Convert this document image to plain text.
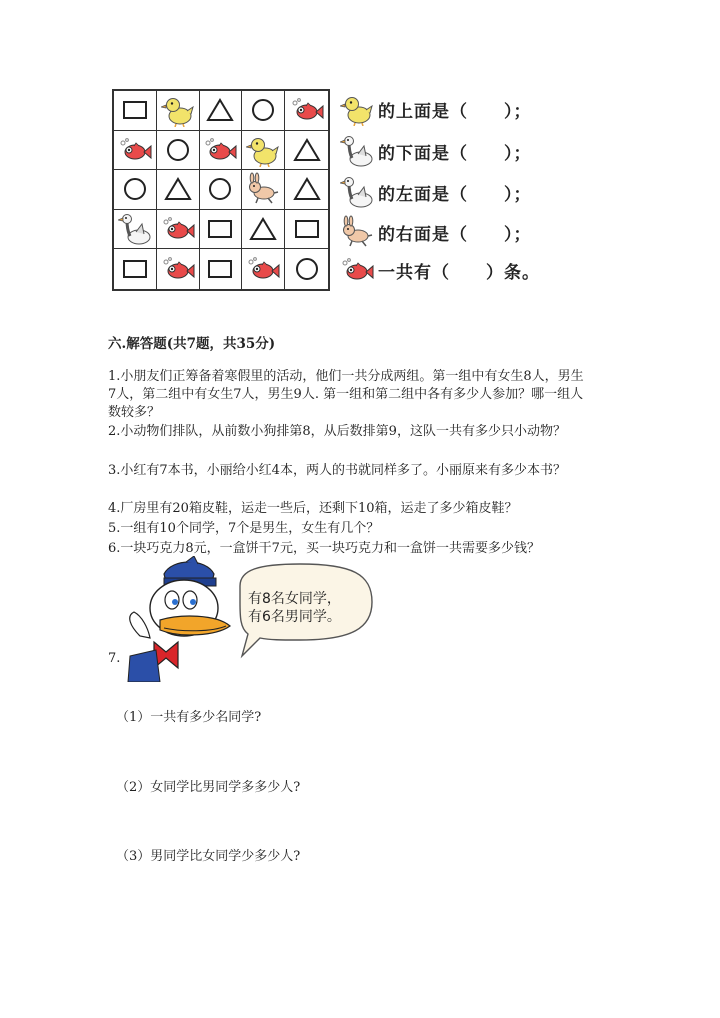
的上面是（　　）；
的下面是（　　）；
的左面是（　　）；
的右面是（　　）；
一共有（　　）条。
六.解答题(共7题，共35分)
1.小朋友们正筹备着寒假里的活动，他们一共分成两组。第一组中有女生8人，男生7人，第二组中有女生7人，男生9人. 第一组和第二组中各有多少人参加？哪一组人数较多？
2.小动物们排队，从前数小狗排第8，从后数排第9，这队一共有多少只小动物？
3.小红有7本书，小丽给小红4本，两人的书就同样多了。小丽原来有多少本书？
4.厂房里有20箱皮鞋，运走一些后，还剩下10箱，运走了多少箱皮鞋？
5.一组有10个同学，7个是男生，女生有几个？
6.一块巧克力8元，一盒饼干7元，买一块巧克力和一盒饼一共需要多少钱？
7.
有8名女同学，
有6名男同学。
（1）一共有多少名同学?
（2）女同学比男同学多多少人?
（3）男同学比女同学少多少人?
